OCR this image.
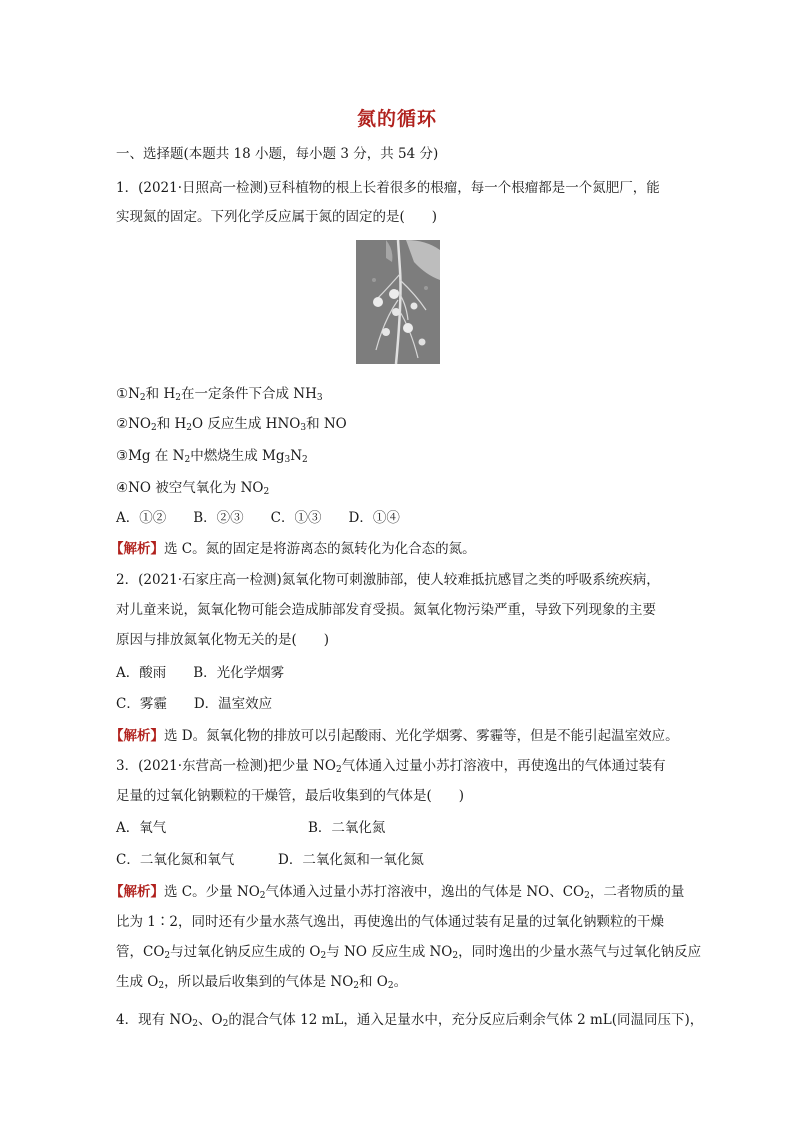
氮的循环
一、选择题(本题共 18 小题，每小题 3 分，共 54 分)
1．(2021·日照高一检测)豆科植物的根上长着很多的根瘤，每一个根瘤都是一个氮肥厂，能
实现氮的固定。下列化学反应属于氮的固定的是(　　)
$①N_2$和 $H_2$在一定条件下合成 $NH_3$
$②NO_2$和 $H_2O$ 反应生成 $HNO_3$和 NO
③Mg 在 $N_2$中燃烧生成 $Mg_3N_2$
④NO 被空气氧化为 $NO_2$
A．①②　　B．②③　　C．①③　　D．①④
【解析】选 C。氮的固定是将游离态的氮转化为化合态的氮。
2．(2021·石家庄高一检测)氮氧化物可刺激肺部，使人较难抵抗感冒之类的呼吸系统疾病，
对儿童来说，氮氧化物可能会造成肺部发育受损。氮氧化物污染严重，导致下列现象的主要
原因与排放氮氧化物无关的是(　　)
A．酸雨　　B．光化学烟雾
C．雾霾　　D．温室效应
【解析】选 D。氮氧化物的排放可以引起酸雨、光化学烟雾、雾霾等，但是不能引起温室效应。
3．(2021·东营高一检测)把少量 $NO_2$气体通入过量小苏打溶液中，再使逸出的气体通过装有
足量的过氧化钠颗粒的干燥管，最后收集到的气体是(　　)
A．氧气	B．二氧化氮
C．二氧化氮和氧气	D．二氧化氮和一氧化氮
【解析】选 C。少量 $NO_2$气体通入过量小苏打溶液中，逸出的气体是 NO、$CO_2$，二者物质的量
比为 1∶2，同时还有少量水蒸气逸出，再使逸出的气体通过装有足量的过氧化钠颗粒的干燥
管，$CO_2$与过氧化钠反应生成的 $O_2$与 NO 反应生成 $NO_2$，同时逸出的少量水蒸气与过氧化钠反应
生成 $O_2$，所以最后收集到的气体是 $NO_2$和 $O_2$。
4．现有 $NO_2$、$O_2$的混合气体 12 mL，通入足量水中，充分反应后剩余气体 2 mL(同温同压下)，
